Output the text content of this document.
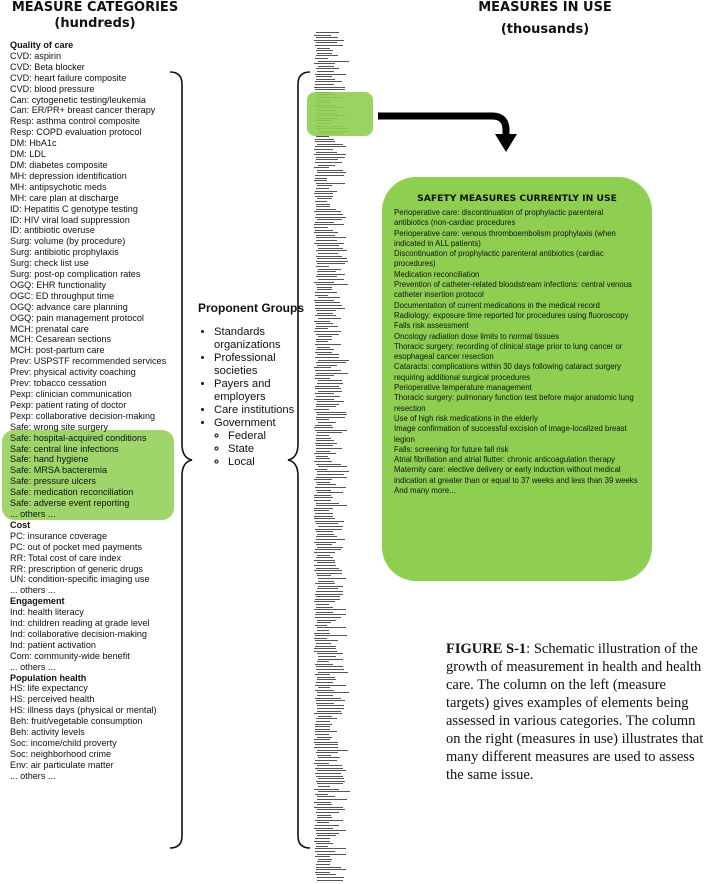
MEASURE CATEGORIES
(hundreds)
MEASURES IN USE
(thousands)
Quality of care
CVD: aspirin
CVD: Beta blocker
CVD: heart failure composite
CVD: blood pressure
Can: cytogenetic testing/leukemia
Can: ER/PR+ breast cancer therapy
Resp: asthma control composite
Resp: COPD evaluation protocol
DM: HbA1c
DM: LDL
DM: diabetes composite
MH: depression identification
MH: antipsychotic meds
MH: care plan at discharge
ID: Hepatitis C genotype testing
ID: HIV viral load suppression
ID: antibiotic overuse
Surg: volume (by procedure)
Surg: antibiotic prophylaxis
Surg: check list use
Surg: post-op complication rates
OGQ: EHR functionality
OGC: ED throughput time
OGQ: advance care planning
OGQ: pain management protocol
MCH: prenatal care
MCH: Cesarean sections
MCH: post-partum care
Prev: USPSTF recommended services
Prev: physical activity coaching
Prev: tobacco cessation
Pexp: clinician communication
Pexp: patient rating of doctor
Pexp: collaborative decision-making
Safe: wrong site surgery
Safe: hospital-acquired conditions
Safe: central line infections
Safe: hand hygiene
Safe: MRSA bacteremia
Safe: pressure ulcers
Safe: medication reconciliation
Safe: adverse event reporting
... others ...
Cost
PC: insurance coverage
PC: out of pocket med payments
RR: Total cost of care index
RR: prescription of generic drugs
UN: condition-specific imaging use
... others ...
Engagement
Ind: health literacy
Ind: children reading at grade level
Ind: collaborative decision-making
Ind: patient activation
Com: community-wide benefit
... others ...
Population health
HS: life expectancy
HS: perceived health
HS: illness days (physical or mental)
Beh: fruit/vegetable consumption
Beh: activity levels
Soc: income/child proverty
Soc: neighborhood crime
Env: air particulate matter
... others ...
Proponent Groups
• Standards organizations
• Professional societies
• Payers and employers
• Care institutions
• Government
◦ Federal
◦ State
◦ Local
SAFETY MEASURES CURRENTLY IN USE
Perioperative care: discontinuation of prophylactic parenteral antibiotics (non-cardiac procedures
Perioperative care: venous thromboembolism prophylaxis (when indicated in ALL patients)
Discontinuation of prophylactic parenteral antibiotics (cardiac procedures)
Medication reconciliation
Prevention of catheter-related bloodstream infections: central venous catheter insertion protocol
Documentation of current medications in the medical record
Radiology: exposure time reported for procedures using fluoroscopy
Falls risk assessment
Oncology radiation dose limits to normal tissues
Thoracic surgery: recording of clinical stage prior to lung cancer or esophageal cancer resection
Cataracts: complications within 30 days following cataract surgery requiring additional surgical procedures
Perioperative temperature management
Thoracic surgery: pulmonary function test before major anatomic lung resection
Use of high risk medications in the elderly
Image confirmation of successful excision of image-localized breast legion
Falls: screening for future fall risk
Atrial fibrillation and atrial flutter: chronic anticoagulation therapy
Maternity care: elective delivery or early induction without medical indication at greater than or equal to 37 weeks and less than 39 weeks
And many more...
FIGURE S-1: Schematic illustration of the growth of measurement in health and health care. The column on the left (measure targets) gives examples of elements being assessed in various categories. The column on the right (measures in use) illustrates that many different measures are used to assess the same issue.
